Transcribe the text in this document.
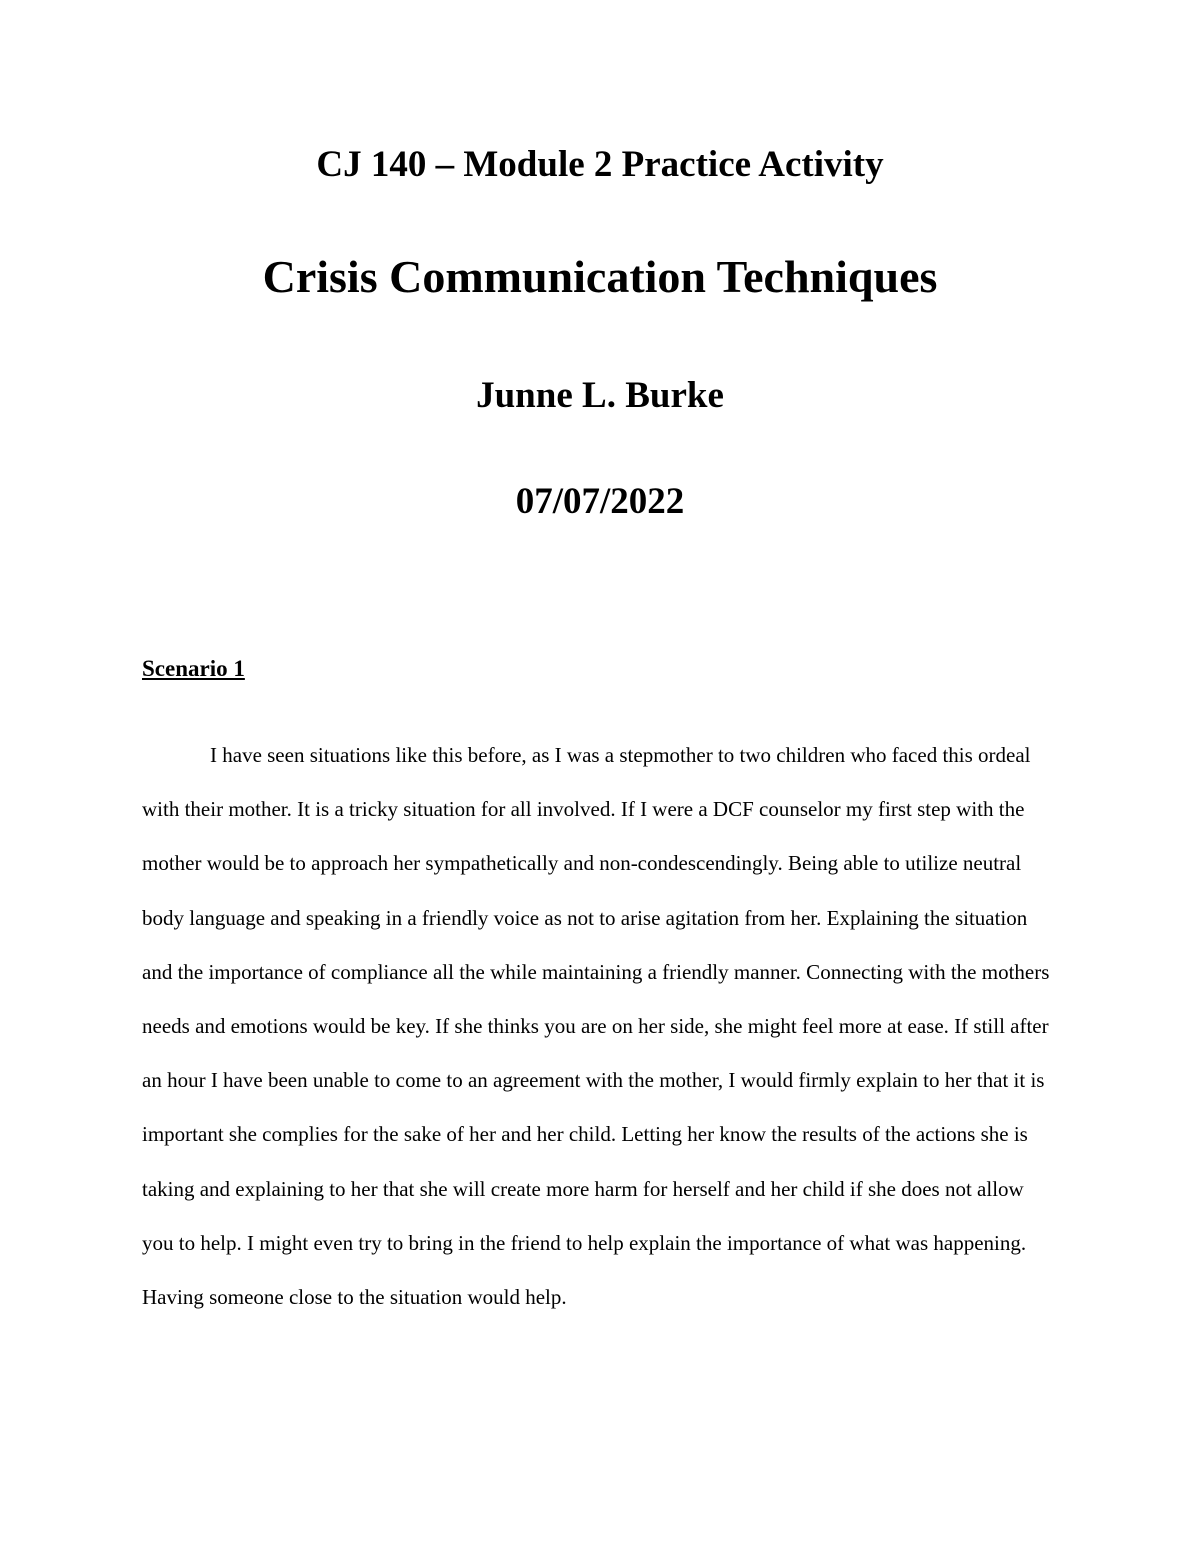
CJ 140 – Module 2 Practice Activity
Crisis Communication Techniques
Junne L. Burke
07/07/2022
Scenario 1

I have seen situations like this before, as I was a stepmother to two children who faced this ordeal with their mother. It is a tricky situation for all involved. If I were a DCF counselor my first step with the mother would be to approach her sympathetically and non-condescendingly. Being able to utilize neutral body language and speaking in a friendly voice as not to arise agitation from her. Explaining the situation and the importance of compliance all the while maintaining a friendly manner. Connecting with the mothers needs and emotions would be key. If she thinks you are on her side, she might feel more at ease. If still after an hour I have been unable to come to an agreement with the mother, I would firmly explain to her that it is important she complies for the sake of her and her child. Letting her know the results of the actions she is taking and explaining to her that she will create more harm for herself and her child if she does not allow you to help. I might even try to bring in the friend to help explain the importance of what was happening. Having someone close to the situation would help.
